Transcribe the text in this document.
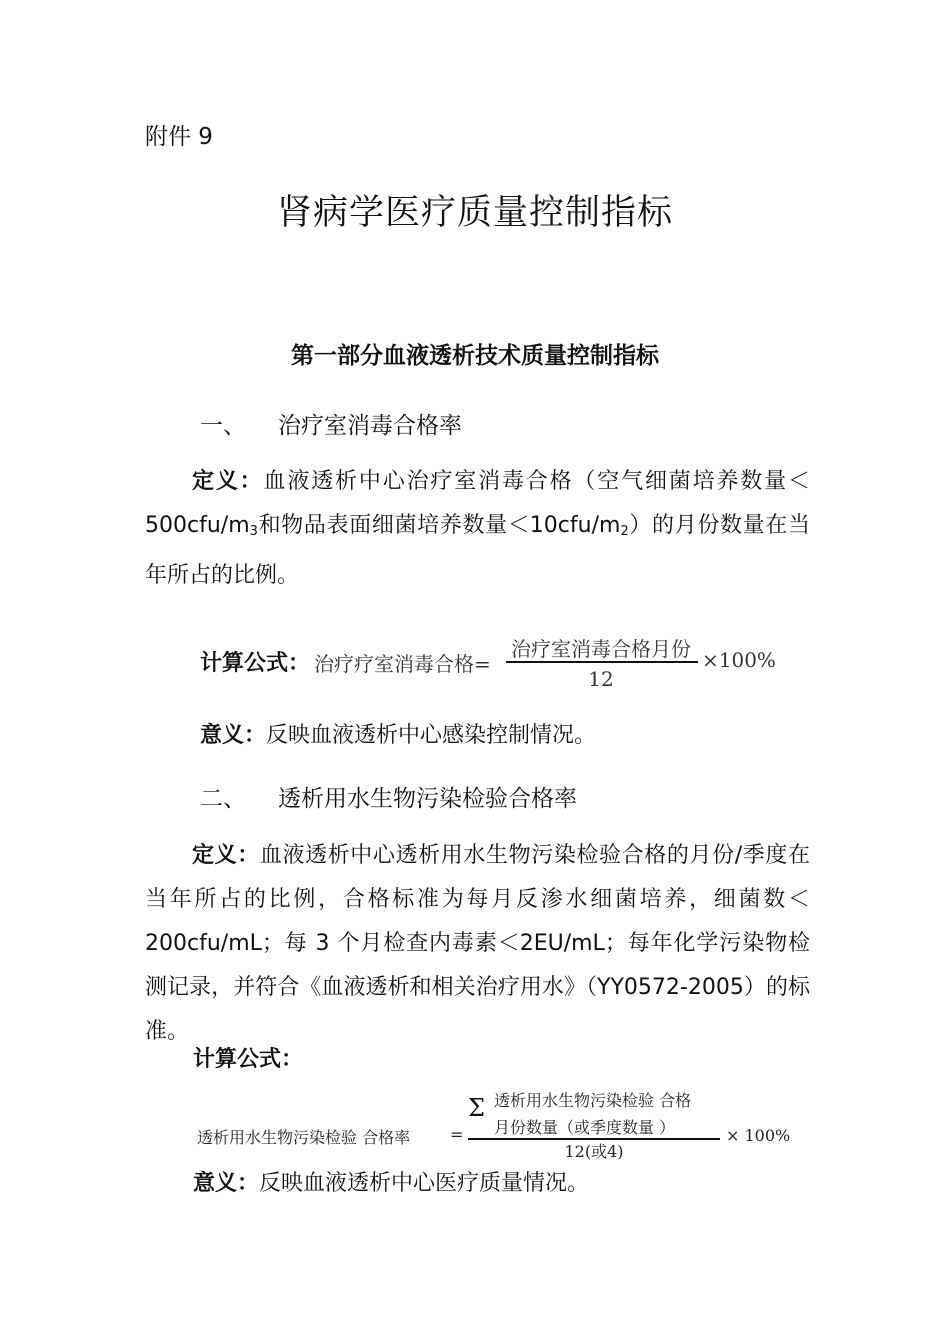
附件 9
肾病学医疗质量控制指标
第一部分血液透析技术质量控制指标
一、 治疗室消毒合格率
定义：血液透析中心治疗室消毒合格（空气细菌培养数量$<500cfu/m_3$和物品表面细菌培养数量$<10cfu/m_2$）的月份数量在当年所占的比例。
计算公式： 治疗疗室消毒合格=
治疗室消毒合格月份
12
×100%
意义：反映血液透析中心感染控制情况。
二、 透析用水生物污染检验合格率
定义：血液透析中心透析用水生物污染检验合格的月份/季度在当年所占的比例，合格标准为每月反渗水细菌培养，细菌数＜200cfu/mL；每 3 个月检查内毒素＜2EU/mL；每年化学污染物检测记录，并符合《血液透析和相关治疗用水》（YY0572-2005）的标准。
计算公式：
透析用水生物污染检验 合格率 =
Σ 透析用水生物污染检验 合格
月份数量（或季度数量 ）
12(或4)
× 100%
意义：反映血液透析中心医疗质量情况。
